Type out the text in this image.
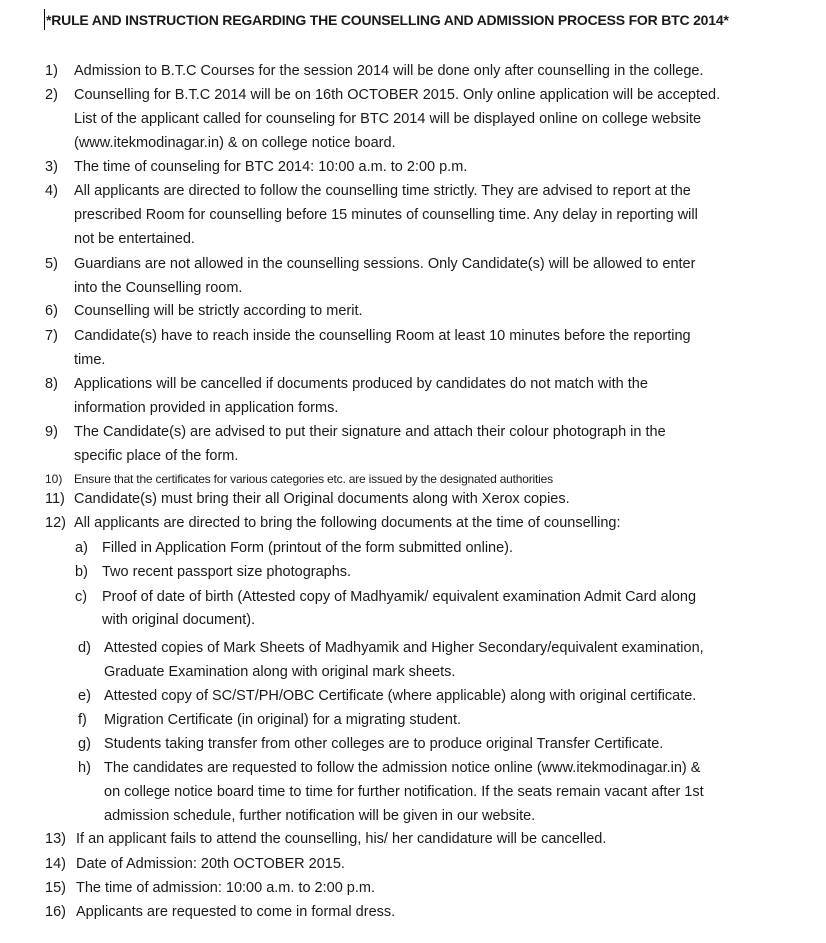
*RULE AND INSTRUCTION REGARDING THE COUNSELLING AND ADMISSION PROCESS FOR BTC 2014*
1) Admission to B.T.C Courses for the session 2014 will be done only after counselling in the college.
2) Counselling for B.T.C 2014 will be on 16th OCTOBER 2015. Only online application will be accepted.
List of the applicant called for counseling for BTC 2014 will be displayed online on college website
(www.itekmodinagar.in) & on college notice board.
3) The time of counseling for BTC 2014: 10:00 a.m. to 2:00 p.m.
4) All applicants are directed to follow the counselling time strictly. They are advised to report at the
prescribed Room for counselling before 15 minutes of counselling time. Any delay in reporting will
not be entertained.
5) Guardians are not allowed in the counselling sessions. Only Candidate(s) will be allowed to enter
into the Counselling room.
6) Counselling will be strictly according to merit.
7) Candidate(s) have to reach inside the counselling Room at least 10 minutes before the reporting
time.
8) Applications will be cancelled if documents produced by candidates do not match with the
information provided in application forms.
9) The Candidate(s) are advised to put their signature and attach their colour photograph in the
specific place of the form.
10) Ensure that the certificates for various categories etc. are issued by the designated authorities
11) Candidate(s) must bring their all Original documents along with Xerox copies.
12) All applicants are directed to bring the following documents at the time of counselling:
a) Filled in Application Form (printout of the form submitted online).
b) Two recent passport size photographs.
c) Proof of date of birth (Attested copy of Madhyamik/ equivalent examination Admit Card along
with original document).
d) Attested copies of Mark Sheets of Madhyamik and Higher Secondary/equivalent examination,
Graduate Examination along with original mark sheets.
e) Attested copy of SC/ST/PH/OBC Certificate (where applicable) along with original certificate.
f) Migration Certificate (in original) for a migrating student.
g) Students taking transfer from other colleges are to produce original Transfer Certificate.
h) The candidates are requested to follow the admission notice online (www.itekmodinagar.in) &
on college notice board time to time for further notification. If the seats remain vacant after 1st
admission schedule, further notification will be given in our website.
13) If an applicant fails to attend the counselling, his/ her candidature will be cancelled.
14) Date of Admission: 20th OCTOBER 2015.
15) The time of admission: 10:00 a.m. to 2:00 p.m.
16) Applicants are requested to come in formal dress.
